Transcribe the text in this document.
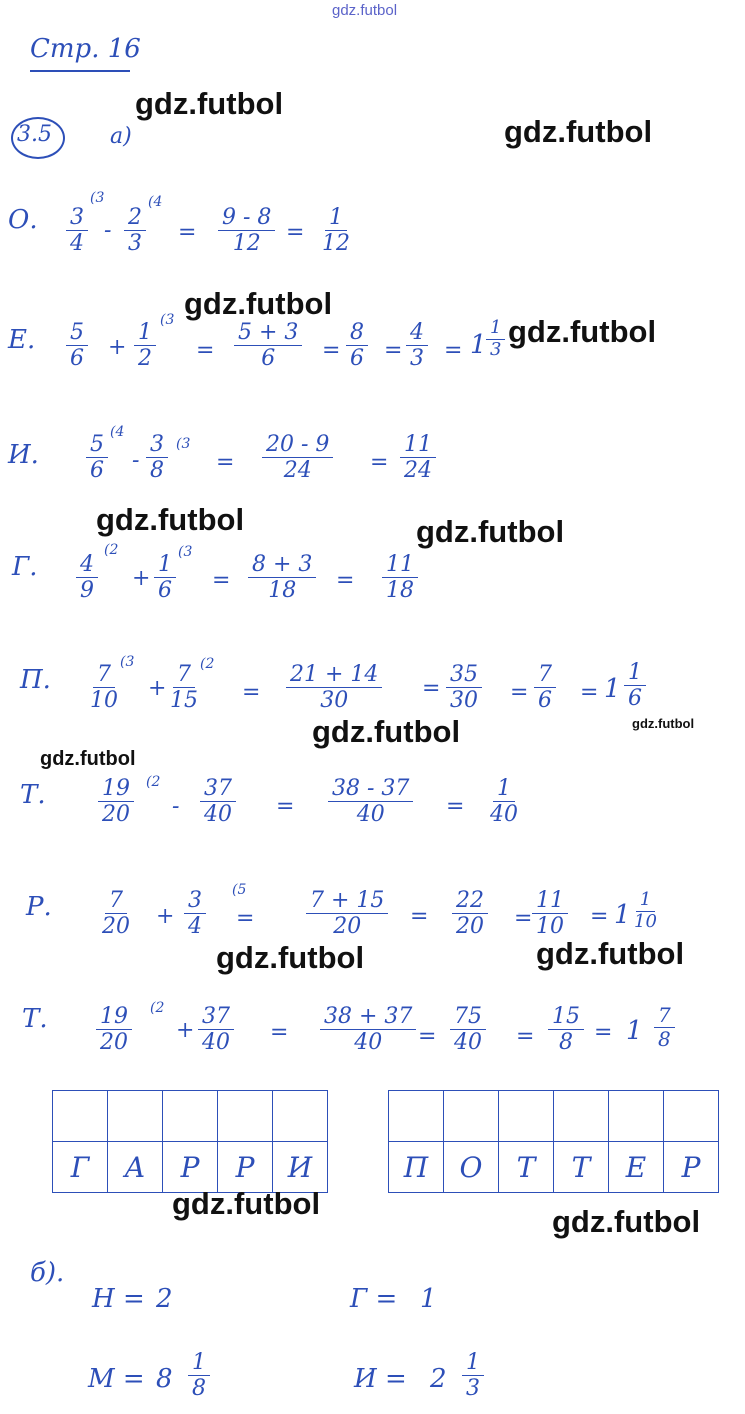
gdz.futbol
Стр. 16
3.5	а)
О. $\frac{3}{4}$
(3
- $\frac{2}{3}$
(4
= $\frac{9 - 8}{12} = \frac{1}{12}$
Е. $\frac{5}{6} + \frac{1}{2} (3$
= $\frac{5 + 3}{6} = \frac{8}{6} = \frac{4}{3} = 1 \frac{1}{3}$
И. $\frac{5}{6} (4$
- $\frac{3}{8} (3$
= $\frac{20 - 9}{24} = \frac{11}{24}$
Г. $\frac{4}{9}$
(2
+ $\frac{1}{6} (3$
= $\frac{8 + 3}{18} = \frac{11}{18}$
П. $\frac{7}{10}$
(3
+ $\frac{7}{15}$
(2
= $\frac{21 + 14}{30} = \frac{35}{30} = \frac{7}{6} = 1 \frac{1}{6}$
Т. $\frac{19}{20} (2$
- $\frac{37}{40} = \frac{38 - 37}{40} = \frac{1}{40}$
Р. $\frac{7}{20} + \frac{3}{4} (5$
= $\frac{7 + 15}{20} = \frac{22}{20} = \frac{11}{10} = 1 \frac{1}{10}$
Т. $\frac{19}{20} (2$
+ $\frac{37}{40} = \frac{38 + 37}{40} = \frac{75}{40} = \frac{15}{8} = 1 \frac{7}{8}$

Г	А	Р	Р	И
						П	О	Т	Т	Е	Р
б).
Н = 2	Г = 1
$М = 8 \frac{1}{8}$	$И = 2 \frac{1}{3}$
gdz.futbol
gdz.futbol
gdz.futbol
gdz.futbol
gdz.futbol	gdz.futbol
gdz.futbol	gdz.futbol
gdz.futbol
gdz.futbol	gdz.futbol
gdz.futbol
gdz.futbol
